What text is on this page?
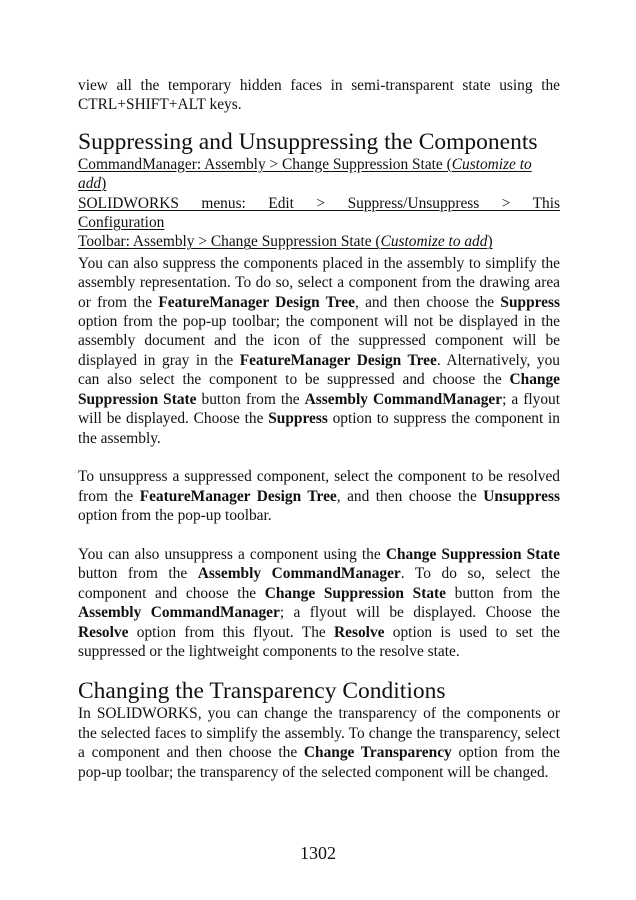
view all the temporary hidden faces in semi-transparent state using the CTRL+SHIFT+ALT keys.

Suppressing and Unsuppressing the Components

CommandManager: Assembly > Change Suppression State (Customize to add)

SOLIDWORKS menus: Edit > Suppress/Unsuppress > This

Configuration

Toolbar: Assembly > Change Suppression State (Customize to add)

You can also suppress the components placed in the assembly to simplify the assembly representation. To do so, select a component from the drawing area or from the FeatureManager Design Tree, and then choose the Suppress option from the pop-up toolbar; the component will not be displayed in the assembly document and the icon of the suppressed component will be displayed in gray in the FeatureManager Design Tree. Alternatively, you can also select the component to be suppressed and choose the Change Suppression State button from the Assembly CommandManager; a flyout will be displayed. Choose the Suppress option to suppress the component in the assembly.

To unsuppress a suppressed component, select the component to be resolved from the FeatureManager Design Tree, and then choose the Unsuppress option from the pop-up toolbar.

You can also unsuppress a component using the Change Suppression State button from the Assembly CommandManager. To do so, select the component and choose the Change Suppression State button from the Assembly CommandManager; a flyout will be displayed. Choose the Resolve option from this flyout. The Resolve option is used to set the suppressed or the lightweight components to the resolve state.

Changing the Transparency Conditions

In SOLIDWORKS, you can change the transparency of the components or the selected faces to simplify the assembly. To change the transparency, select a component and then choose the Change Transparency option from the pop-up toolbar; the transparency of the selected component will be changed.

1302
